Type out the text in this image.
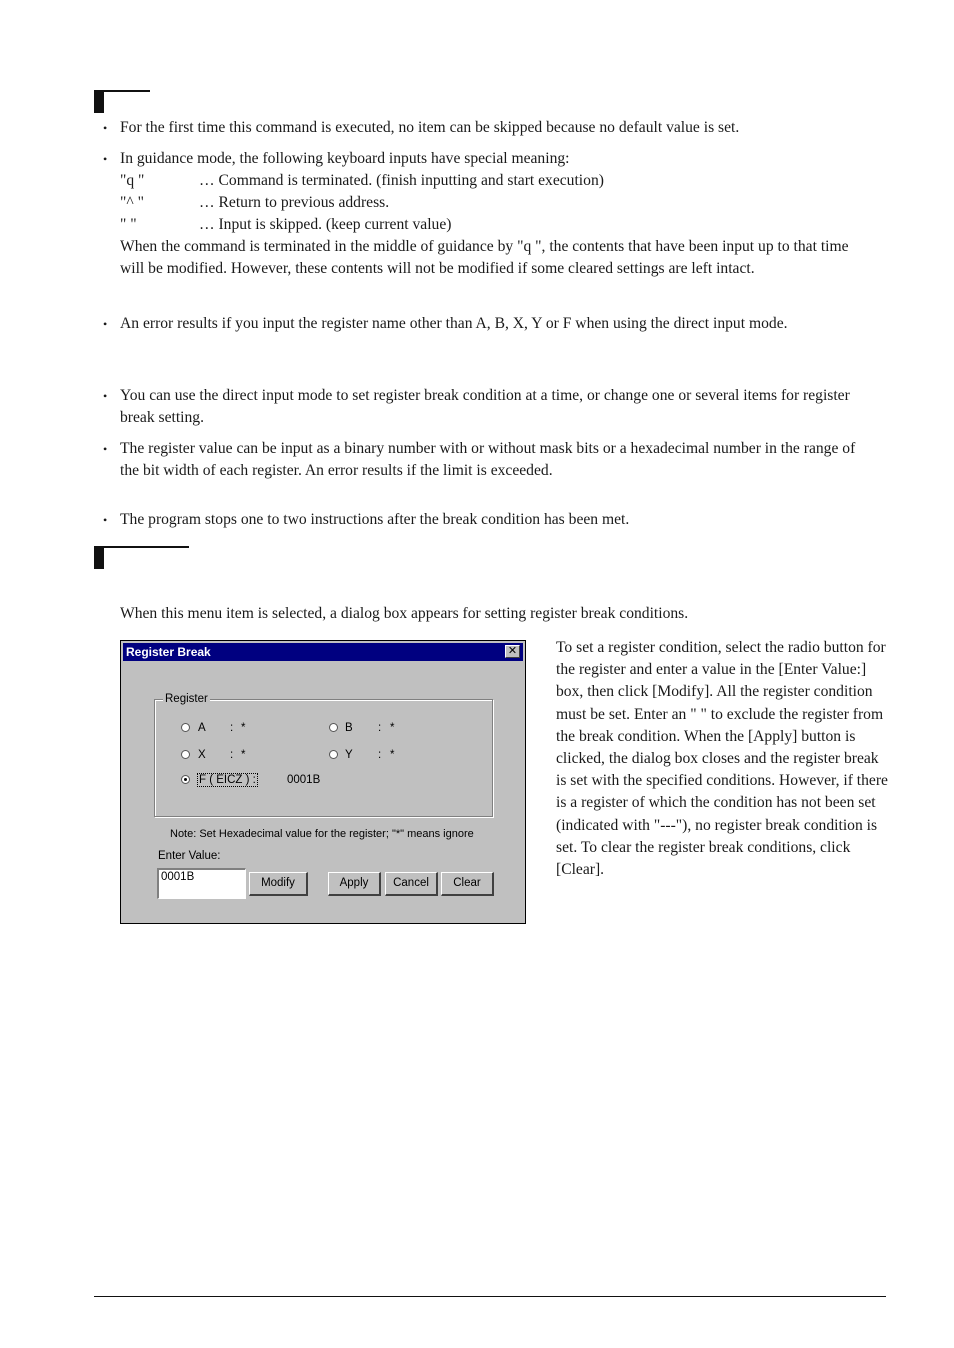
• For the first time this command is executed, no item can be skipped because no default value is set.
• In guidance mode, the following keyboard inputs have special meaning:
"q "	… Command is terminated. (finish inputting and start execution)
"^ "	… Return to previous address.
" "	… Input is skipped. (keep current value)
When the command is terminated in the middle of guidance by "q ", the contents that have been input up to that time will be modified. However, these contents will not be modified if some cleared settings are left intact.
• An error results if you input the register name other than A, B, X, Y or F when using the direct input mode.
• You can use the direct input mode to set register break condition at a time, or change one or several items for register break setting.
• The register value can be input as a binary number with or without mask bits or a hexadecimal number in the range of the bit width of each register. An error results if the limit is exceeded.
• The program stops one to two instructions after the break condition has been met.
When this menu item is selected, a dialog box appears for setting register break conditions.
Register Break	✕
Register
A : *	B : *
X : *	Y : *
F ( EICZ ) :	0001B
Note: Set Hexadecimal value for the register; "*" means ignore
Enter Value:
0001B	Modify	Apply	Cancel	Clear
To set a register condition, select the radio button for the register and enter a value in the [Enter Value:] box, then click [Modify]. All the register condition must be set. Enter an " " to exclude the register from the break condition. When the [Apply] button is clicked, the dialog box closes and the register break is set with the specified conditions. However, if there is a register of which the condition has not been set (indicated with "---"), no register break condition is set. To clear the register break conditions, click [Clear].
